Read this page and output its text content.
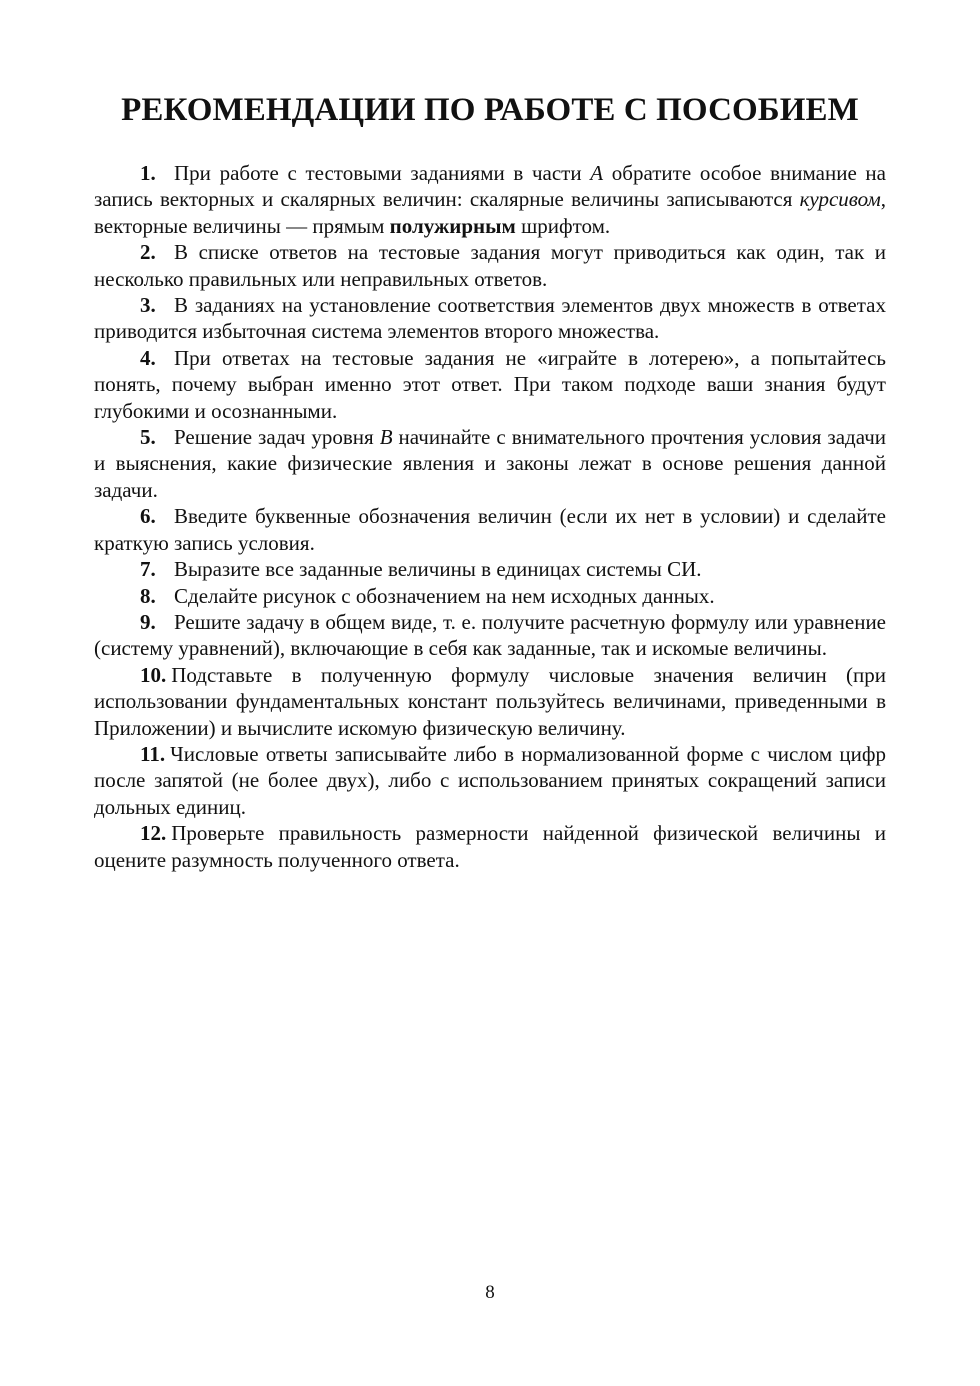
РЕКОМЕНДАЦИИ ПО РАБОТЕ С ПОСОБИЕМ

1. При работе с тестовыми заданиями в части А обратите особое внимание на запись векторных и скалярных величин: скалярные величины записываются курсивом, векторные величины — прямым полужирным шрифтом.

2. В списке ответов на тестовые задания могут приводиться как один, так и несколько правильных или неправильных ответов.

3. В заданиях на установление соответствия элементов двух множеств в ответах приводится избыточная система элементов второго множества.

4. При ответах на тестовые задания не «играйте в лотерею», а попытайтесь понять, почему выбран именно этот ответ. При таком подходе ваши знания будут глубокими и осознанными.

5. Решение задач уровня В начинайте с внимательного прочтения условия задачи и выяснения, какие физические явления и законы лежат в основе решения данной задачи.

6. Введите буквенные обозначения величин (если их нет в условии) и сделайте краткую запись условия.

7. Выразите все заданные величины в единицах системы СИ.

8. Сделайте рисунок с обозначением на нем исходных данных.

9. Решите задачу в общем виде, т. е. получите расчетную формулу или уравнение (систему уравнений), включающие в себя как заданные, так и искомые величины.

10. Подставьте в полученную формулу числовые значения величин (при использовании фундаментальных констант пользуйтесь величинами, приведенными в Приложении) и вычислите искомую физическую величину.

11. Числовые ответы записывайте либо в нормализованной форме с числом цифр после запятой (не более двух), либо с использованием принятых сокращений записи дольных единиц.

12. Проверьте правильность размерности найденной физической величины и оцените разумность полученного ответа.

8
